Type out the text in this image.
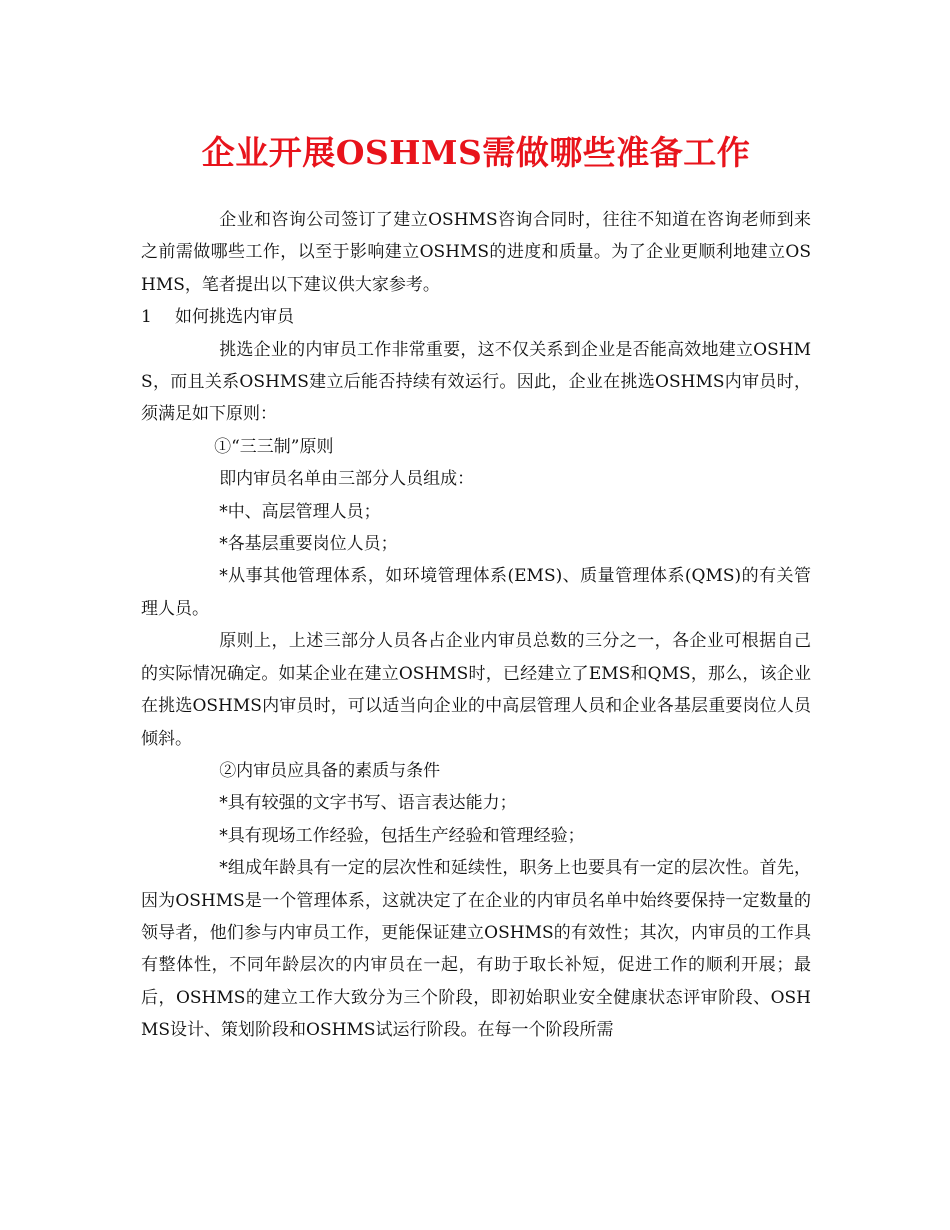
企业开展OSHMS需做哪些准备工作

企业和咨询公司签订了建立OSHMS咨询合同时，往往不知道在咨询老师到来之前需做哪些工作，以至于影响建立OSHMS的进度和质量。为了企业更顺利地建立OSHMS，笔者提出以下建议供大家参考。

1 如何挑选内审员

挑选企业的内审员工作非常重要，这不仅关系到企业是否能高效地建立OSHMS，而且关系OSHMS建立后能否持续有效运行。因此，企业在挑选OSHMS内审员时，须满足如下原则：

①“三三制”原则

即内审员名单由三部分人员组成：

*中、高层管理人员；

*各基层重要岗位人员；

*从事其他管理体系，如环境管理体系(EMS)、质量管理体系(QMS)的有关管理人员。

原则上，上述三部分人员各占企业内审员总数的三分之一，各企业可根据自己的实际情况确定。如某企业在建立OSHMS时，已经建立了EMS和QMS，那么，该企业在挑选OSHMS内审员时，可以适当向企业的中高层管理人员和企业各基层重要岗位人员倾斜。

②内审员应具备的素质与条件

*具有较强的文字书写、语言表达能力；

*具有现场工作经验，包括生产经验和管理经验；

*组成年龄具有一定的层次性和延续性，职务上也要具有一定的层次性。首先，因为OSHMS是一个管理体系，这就决定了在企业的内审员名单中始终要保持一定数量的领导者，他们参与内审员工作，更能保证建立OSHMS的有效性；其次，内审员的工作具有整体性，不同年龄层次的内审员在一起，有助于取长补短，促进工作的顺利开展；最后，OSHMS的建立工作大致分为三个阶段，即初始职业安全健康状态评审阶段、OSHMS设计、策划阶段和OSHMS试运行阶段。在每一个阶段所需
